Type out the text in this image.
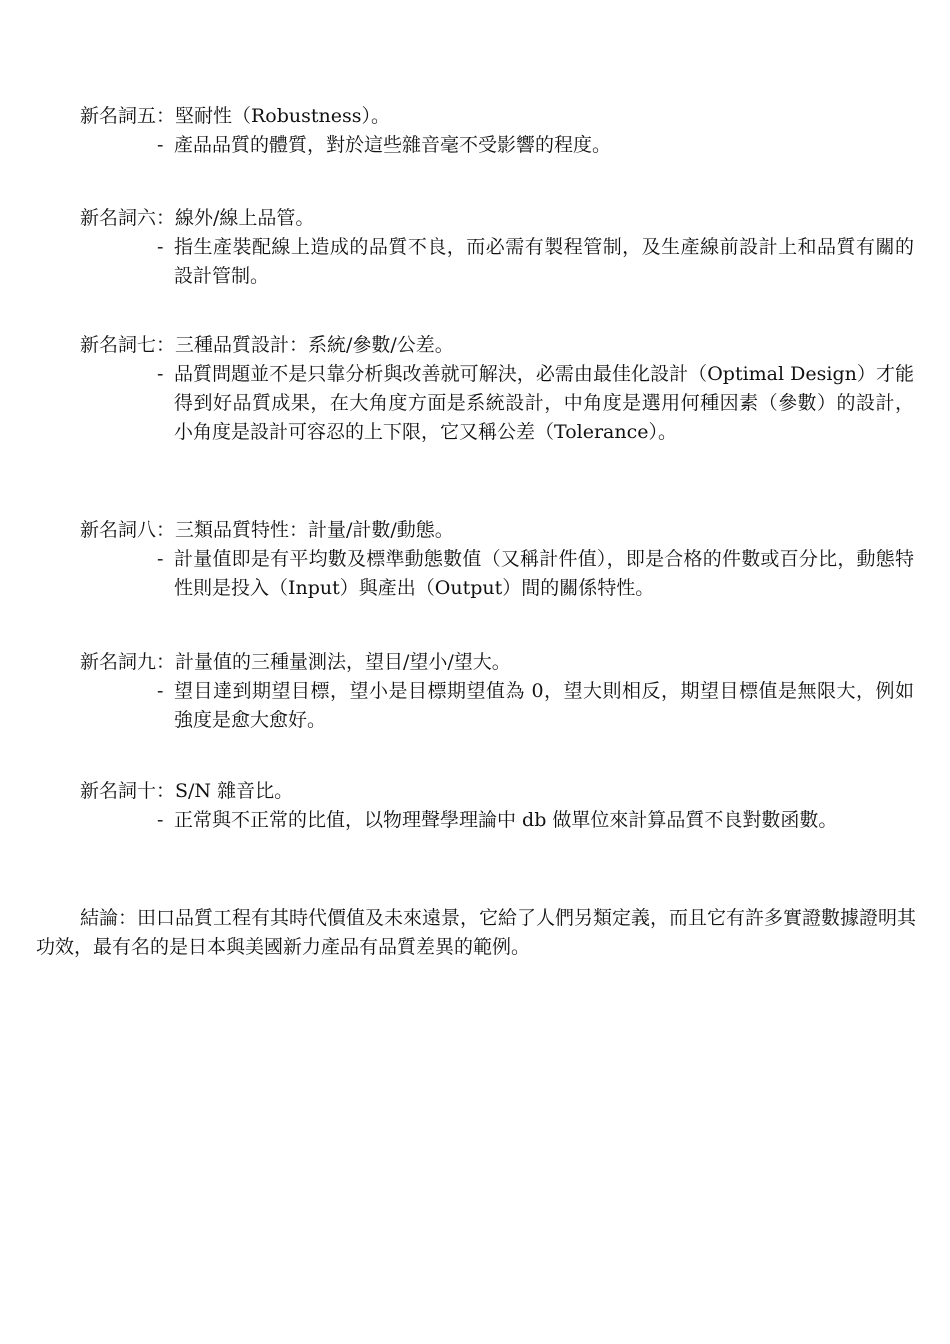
新名詞五：堅耐性（Robustness）。
- 產品品質的體質，對於這些雜音毫不受影響的程度。
新名詞六：線外/線上品管。
- 指生產裝配線上造成的品質不良，而必需有製程管制，及生產線前設計上和品質有關的設計管制。
新名詞七：三種品質設計：系統/參數/公差。
- 品質問題並不是只靠分析與改善就可解決，必需由最佳化設計（Optimal Design）才能得到好品質成果，在大角度方面是系統設計，中角度是選用何種因素（參數）的設計，小角度是設計可容忍的上下限，它又稱公差（Tolerance）。
新名詞八：三類品質特性：計量/計數/動態。
- 計量值即是有平均數及標準動態數值（又稱計件值），即是合格的件數或百分比，動態特性則是投入（Input）與產出（Output）間的關係特性。
新名詞九：計量值的三種量測法，望目/望小/望大。
- 望目達到期望目標，望小是目標期望值為 0，望大則相反，期望目標值是無限大，例如強度是愈大愈好。
新名詞十：S/N 雜音比。
- 正常與不正常的比值，以物理聲學理論中 db 做單位來計算品質不良對數函數。
結論：田口品質工程有其時代價值及未來遠景，它給了人們另類定義，而且它有許多實證數據證明其功效，最有名的是日本與美國新力產品有品質差異的範例。
